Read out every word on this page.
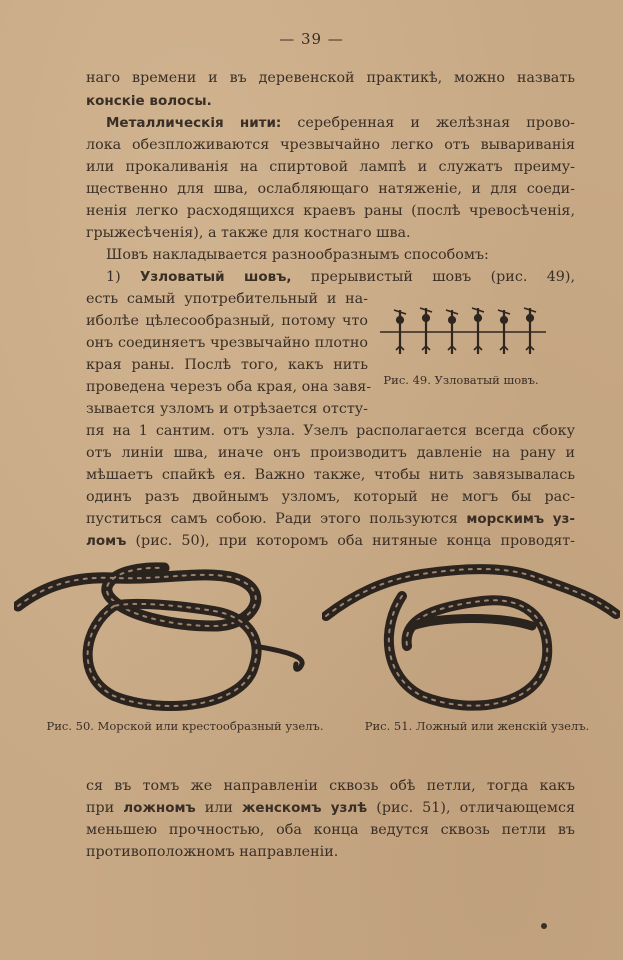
— 39 —
наго времени и въ деревенской практикѣ, можно назвать
конскіе волосы.
Металлическія нити: серебренная и желѣзная прово-
лока обезпложиваются чрезвычайно легко отъ вывариванія
или прокаливанія на спиртовой лампѣ и служатъ преиму-
щественно для шва, ослабляющаго натяженіе, и для соеди-
ненія легко расходящихся краевъ раны (послѣ чревосѣченія,
грыжесѣченія), а также для костнаго шва.
Шовъ накладывается разнообразнымъ способомъ:
1) Узловатый шовъ, прерывистый шовъ (рис. 49),
есть самый употребительный и на-
иболѣе цѣлесообразный, потому что
онъ соединяетъ чрезвычайно плотно
края раны. Послѣ того, какъ нить
проведена черезъ оба края, она завя-
зывается узломъ и отрѣзается отсту-
пя на 1 сантим. отъ узла. Узелъ располагается всегда сбоку
отъ линіи шва, иначе онъ производитъ давленіе на рану и
мѣшаетъ спайкѣ ея. Важно также, чтобы нить завязывалась
одинъ разъ двойнымъ узломъ, который не могъ бы рас-
пуститься самъ собою. Ради этого пользуются морскимъ уз-
ломъ (рис. 50), при которомъ оба нитяные конца проводят-
Рис. 49. Узловатый шовъ.
Рис. 50. Морской или крестообразный узелъ.	Рис. 51. Ложный или женскій узелъ.
ся въ томъ же направленіи сквозь обѣ петли, тогда какъ
при ложномъ или женскомъ узлѣ (рис. 51), отличающемся
меньшею прочностью, оба конца ведутся сквозь петли въ
противоположномъ направленіи.
